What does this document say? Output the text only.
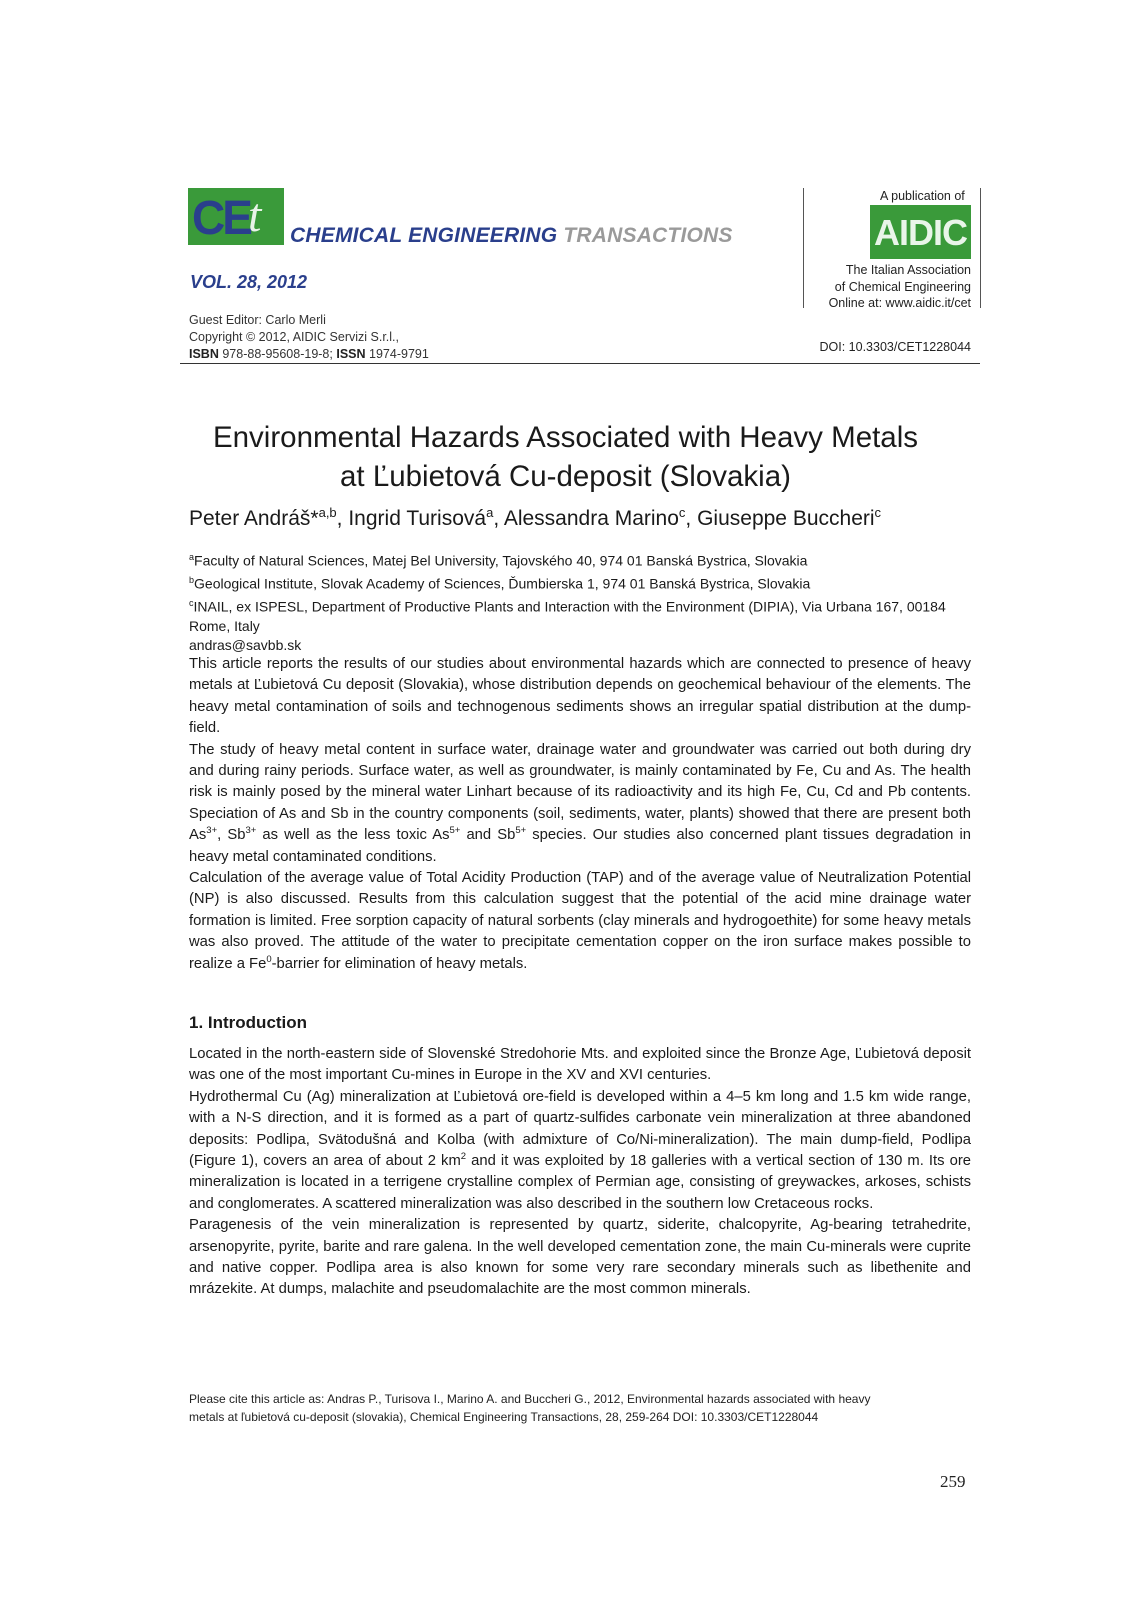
CE
t CHEMICAL ENGINEERING TRANSACTIONS
VOL. 28, 2012
Guest Editor: Carlo Merli
Copyright © 2012, AIDIC Servizi S.r.l.,
ISBN 978-88-95608-19-8; ISSN 1974-9791
A publication of
AIDIC
The Italian Association
of Chemical Engineering
Online at: www.aidic.it/cet
DOI: 10.3303/CET1228044
Environmental Hazards Associated with Heavy Metals
at Ľubietová Cu-deposit (Slovakia)
Peter Andráš*$^{a,b}$, Ingrid Turisová$^a$, Alessandra Marino$^c$, Giuseppe Buccheri$^c$
$^a$Faculty of Natural Sciences, Matej Bel University, Tajovského 40, 974 01 Banská Bystrica, Slovakia
$^b$Geological Institute, Slovak Academy of Sciences, Ďumbierska 1, 974 01 Banská Bystrica, Slovakia
$^c$INAIL, ex ISPESL, Department of Productive Plants and Interaction with the Environment (DIPIA), Via Urbana 167, 00184 Rome, Italy
andras@savbb.sk

This article reports the results of our studies about environmental hazards which are connected to presence of heavy metals at Ľubietová Cu deposit (Slovakia), whose distribution depends on geochemical behaviour of the elements. The heavy metal contamination of soils and technogenous sediments shows an irregular spatial distribution at the dump-field.

The study of heavy metal content in surface water, drainage water and groundwater was carried out both during dry and during rainy periods. Surface water, as well as groundwater, is mainly contaminated by Fe, Cu and As. The health risk is mainly posed by the mineral water Linhart because of its radioactivity and its high Fe, Cu, Cd and Pb contents. Speciation of As and Sb in the country components (soil, sediments, water, plants) showed that there are present both $As^{3+}$, $Sb^{3+}$ as well as the less toxic $As^{5+}$ and $Sb^{5+}$ species. Our studies also concerned plant tissues degradation in heavy metal contaminated conditions.

Calculation of the average value of Total Acidity Production (TAP) and of the average value of Neutralization Potential (NP) is also discussed. Results from this calculation suggest that the potential of the acid mine drainage water formation is limited. Free sorption capacity of natural sorbents (clay minerals and hydrogoethite) for some heavy metals was also proved. The attitude of the water to precipitate cementation copper on the iron surface makes possible to realize a Fe$^0$-barrier for elimination of heavy metals.

1. Introduction

Located in the north-eastern side of Slovenské Stredohorie Mts. and exploited since the Bronze Age, Ľubietová deposit was one of the most important Cu-mines in Europe in the XV and XVI centuries.

Hydrothermal Cu (Ag) mineralization at Ľubietová ore-field is developed within a 4–5 km long and 1.5 km wide range, with a N-S direction, and it is formed as a part of quartz-sulfides carbonate vein mineralization at three abandoned deposits: Podlipa, Svätodušná and Kolba (with admixture of Co/Ni-mineralization). The main dump-field, Podlipa (Figure 1), covers an area of about 2 $km^2$ and it was exploited by 18 galleries with a vertical section of 130 m. Its ore mineralization is located in a terrigene crystalline complex of Permian age, consisting of greywackes, arkoses, schists and conglomerates. A scattered mineralization was also described in the southern low Cretaceous rocks.

Paragenesis of the vein mineralization is represented by quartz, siderite, chalcopyrite, Ag-bearing tetrahedrite, arsenopyrite, pyrite, barite and rare galena. In the well developed cementation zone, the main Cu-minerals were cuprite and native copper. Podlipa area is also known for some very rare secondary minerals such as libethenite and mrázekite. At dumps, malachite and pseudomalachite are the most common minerals.

Please cite this article as: Andras P., Turisova I., Marino A. and Buccheri G., 2012, Environmental hazards associated with heavy
metals at ľubietová cu-deposit (slovakia), Chemical Engineering Transactions, 28, 259-264 DOI: 10.3303/CET1228044
259
